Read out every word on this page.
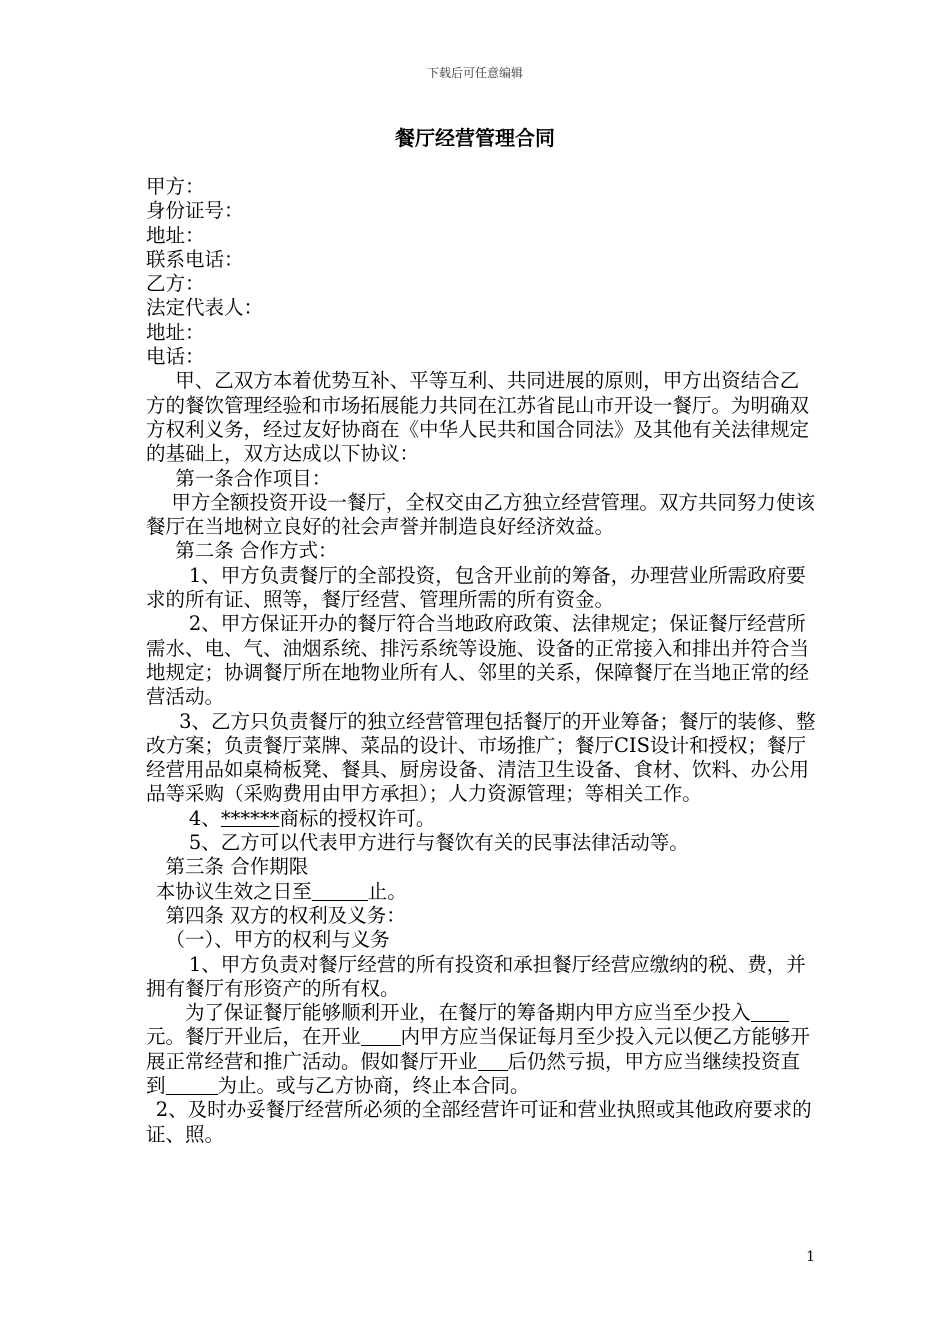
下载后可任意编辑
餐厅经营管理合同

甲方：

身份证号：

地址：

联系电话：

乙方：

法定代表人：

地址：

电话：

甲、乙双方本着优势互补、平等互利、共同进展的原则，甲方出资结合乙方的餐饮管理经验和市场拓展能力共同在江苏省昆山市开设一餐厅。为明确双方权利义务，经过友好协商在《中华人民共和国合同法》及其他有关法律规定的基础上，双方达成以下协议：

第一条合作项目：

甲方全额投资开设一餐厅，全权交由乙方独立经营管理。双方共同努力使该餐厅在当地树立良好的社会声誉并制造良好经济效益。

第二条 合作方式：

1、甲方负责餐厅的全部投资，包含开业前的筹备，办理营业所需政府要求的所有证、照等，餐厅经营、管理所需的所有资金。

2、甲方保证开办的餐厅符合当地政府政策、法律规定；保证餐厅经营所需水、电、气、油烟系统、排污系统等设施、设备的正常接入和排出并符合当地规定；协调餐厅所在地物业所有人、邻里的关系，保障餐厅在当地正常的经营活动。

3、乙方只负责餐厅的独立经营管理包括餐厅的开业筹备；餐厅的装修、整改方案；负责餐厅菜牌、菜品的设计、市场推广；餐厅CIS设计和授权；餐厅经营用品如桌椅板凳、餐具、厨房设备、清洁卫生设备、食材、饮料、办公用品等采购（采购费用由甲方承担）；人力资源管理；等相关工作。

4、******商标的授权许可。

5、乙方可以代表甲方进行与餐饮有关的民事法律活动等。

第三条 合作期限

本协议生效之日至	止。

第四条 双方的权利及义务：

（一）、甲方的权利与义务

1、甲方负责对餐厅经营的所有投资和承担餐厅经营应缴纳的税、费，并拥有餐厅有形资产的所有权。

为了保证餐厅能够顺利开业，在餐厅的筹备期内甲方应当至少投入元。餐厅开业后，在开业 内甲方应当保证每月至少投入元以便乙方能够开展正常经营和推广活动。假如餐厅开业 后仍然亏损，甲方应当继续投资直到	为止。或与乙方协商，终止本合同。

2、及时办妥餐厅经营所必须的全部经营许可证和营业执照或其他政府要求的证、照。

1
